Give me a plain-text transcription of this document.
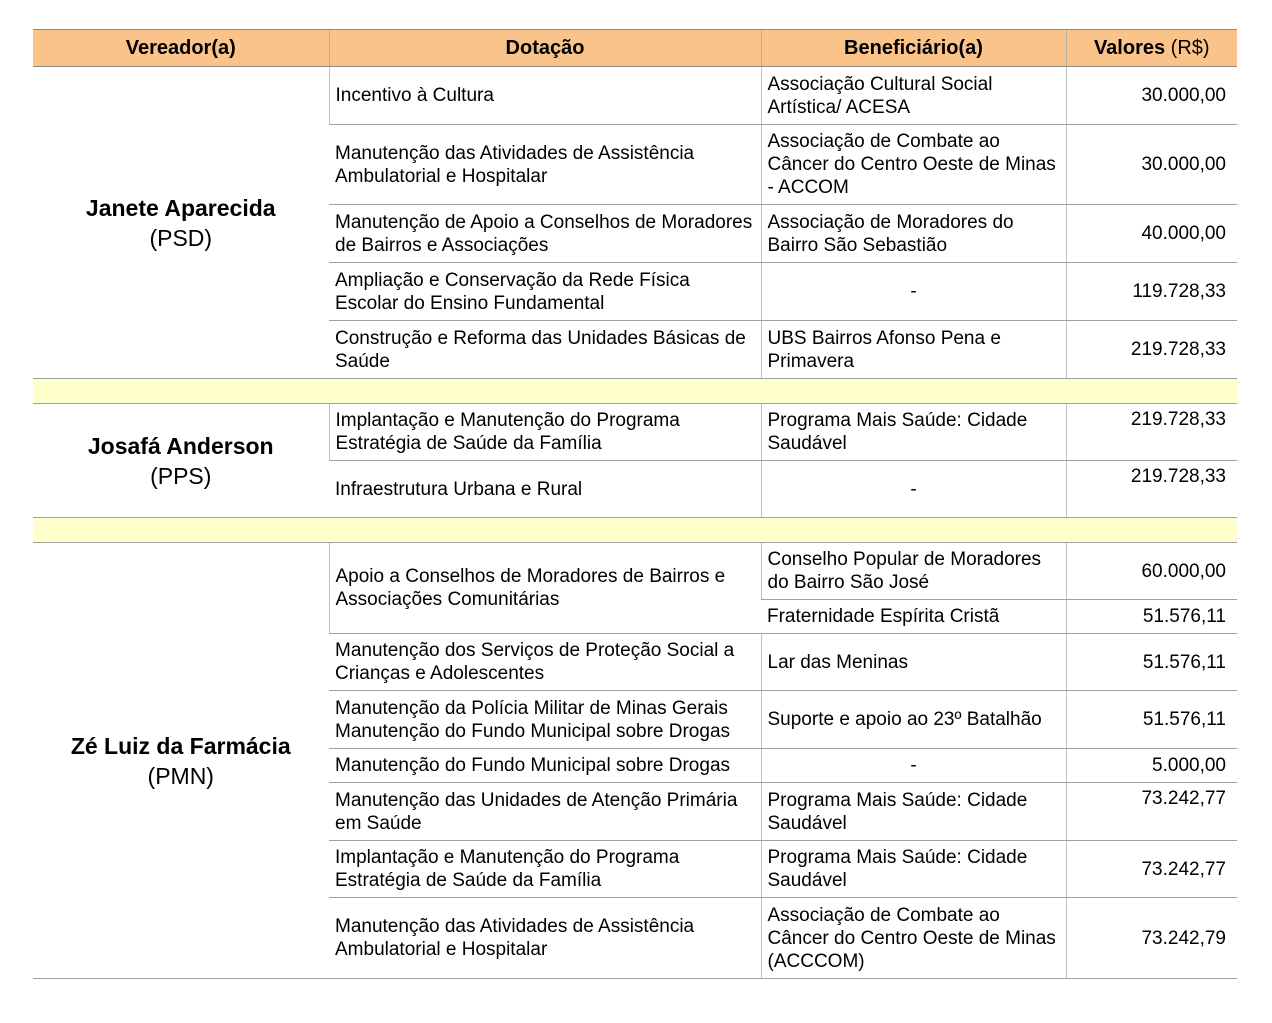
Vereador(a)	Dotação	Beneficiário(a)	Valores (R$)

Janete Aparecida
(PSD)	Incentivo à Cultura	Associação Cultural Social Artística/ ACESA	30.000,00
	Manutenção das Atividades de Assistência Ambulatorial e Hospitalar	Associação de Combate ao Câncer do Centro Oeste de Minas - ACCOM	30.000,00
	Manutenção de Apoio a Conselhos de Moradores de Bairros e Associações	Associação de Moradores do Bairro São Sebastião	40.000,00
	Ampliação e Conservação da Rede Física Escolar do Ensino Fundamental	-	119.728,33
	Construção e Reforma das Unidades Básicas de Saúde	UBS Bairros Afonso Pena e Primavera	219.728,33

Josafá Anderson
(PPS)	Implantação e Manutenção do Programa Estratégia de Saúde da Família	Programa Mais Saúde: Cidade Saudável	219.728,33
	Infraestrutura Urbana e Rural	-	219.728,33

Zé Luiz da Farmácia
(PMN)	Apoio a Conselhos de Moradores de Bairros e Associações Comunitárias	Conselho Popular de Moradores do Bairro São José	60.000,00
		Fraternidade Espírita Cristã	51.576,11
	Manutenção dos Serviços de Proteção Social a Crianças e Adolescentes	Lar das Meninas	51.576,11
	Manutenção da Polícia Militar de Minas Gerais Manutenção do Fundo Municipal sobre Drogas	Suporte e apoio ao 23º Batalhão	51.576,11
	Manutenção do Fundo Municipal sobre Drogas	-	5.000,00
	Manutenção das Unidades de Atenção Primária em Saúde	Programa Mais Saúde: Cidade Saudável	73.242,77
	Implantação e Manutenção do Programa Estratégia de Saúde da Família	Programa Mais Saúde: Cidade Saudável	73.242,77
	Manutenção das Atividades de Assistência Ambulatorial e Hospitalar	Associação de Combate ao Câncer do Centro Oeste de Minas (ACCCOM)	73.242,79
